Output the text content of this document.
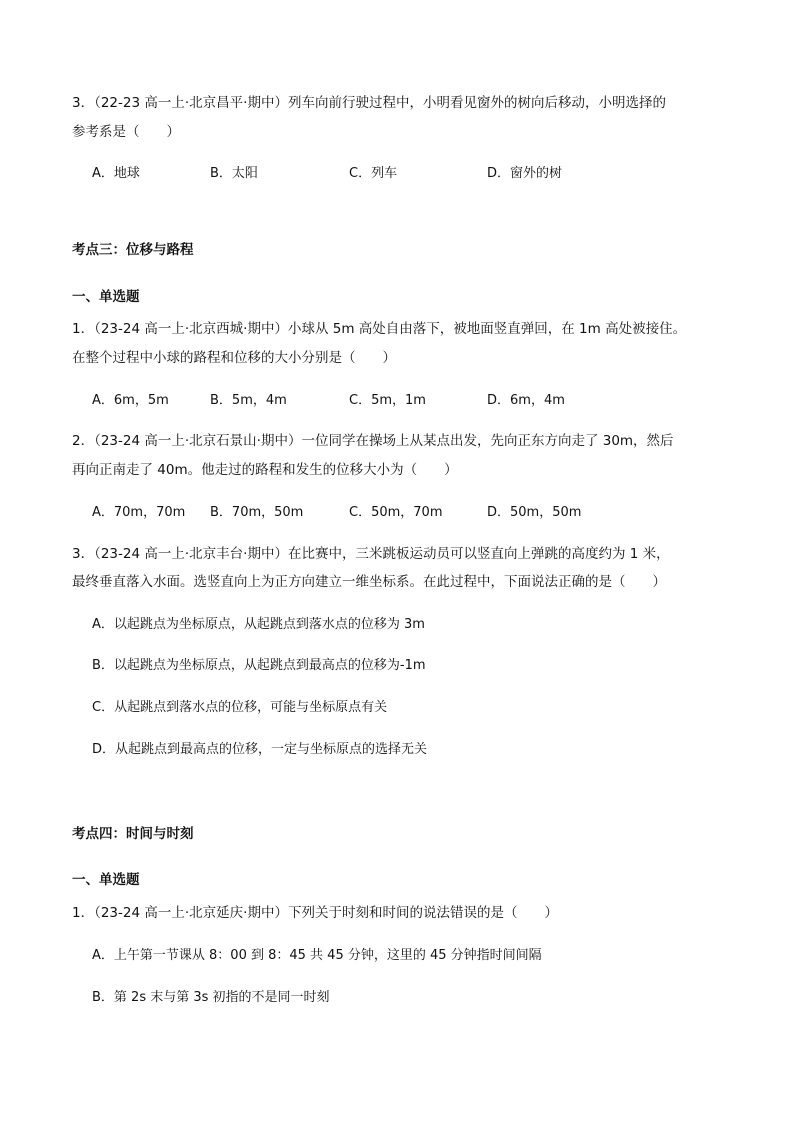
3．（22-23 高一上·北京昌平·期中）列车向前行驶过程中，小明看见窗外的树向后移动，小明选择的
参考系是（　　）
A．地球	B．太阳	C．列车	D．窗外的树
考点三：位移与路程
一、单选题
1．（23-24 高一上·北京西城·期中）小球从 5m 高处自由落下，被地面竖直弹回，在 1m 高处被接住。
在整个过程中小球的路程和位移的大小分别是（　　）
A．6m，5m	B．5m，4m	C．5m，1m	D．6m，4m
2．（23-24 高一上·北京石景山·期中）一位同学在操场上从某点出发，先向正东方向走了 30m，然后
再向正南走了 40m。他走过的路程和发生的位移大小为（　　）
A．70m，70m B．70m，50m	C．50m，70m	D．50m，50m
3．（23-24 高一上·北京丰台·期中）在比赛中，三米跳板运动员可以竖直向上弹跳的高度约为 1 米，
最终垂直落入水面。选竖直向上为正方向建立一维坐标系。在此过程中，下面说法正确的是（　　）
A．以起跳点为坐标原点，从起跳点到落水点的位移为 3m
B．以起跳点为坐标原点，从起跳点到最高点的位移为-1m
C．从起跳点到落水点的位移，可能与坐标原点有关
D．从起跳点到最高点的位移，一定与坐标原点的选择无关
考点四：时间与时刻
一、单选题
1．（23-24 高一上·北京延庆·期中）下列关于时刻和时间的说法错误的是（　　）
A．上午第一节课从 8：00 到 8：45 共 45 分钟，这里的 45 分钟指时间间隔
B．第 2s 末与第 3s 初指的不是同一时刻
